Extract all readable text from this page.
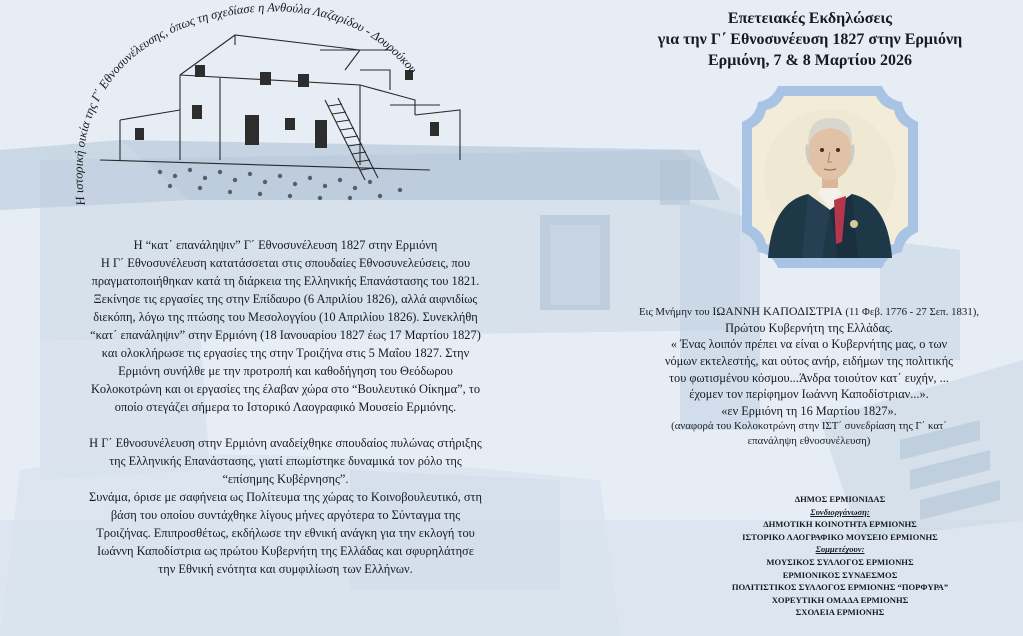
Η ιστορική οικία της Γ΄ Εθνοσυνέλευσης, όπως τη σχεδίασε η Ανθούλα Λαζαρίδου - Δουρούκου

Η “κατ΄ επανάληψιν” Γ΄ Εθνοσυνέλευση 1827 στην Ερμιόνη

Η Γ΄ Εθνοσυνέλευση κατατάσσεται στις σπουδαίες Εθνοσυνελεύσεις, που

πραγματοποιήθηκαν κατά τη διάρκεια της Ελληνικής Επανάστασης του 1821.

Ξεκίνησε τις εργασίες της στην Επίδαυρο (6 Απριλίου 1826), αλλά αιφνιδίως

διεκόπη, λόγω της πτώσης του Μεσολογγίου (10 Απριλίου 1826). Συνεκλήθη

“κατ΄ επανάληψιν” στην Ερμιόνη (18 Ιανουαρίου 1827 έως 17 Μαρτίου 1827)

και ολοκλήρωσε τις εργασίες της στην Τροιζήνα στις 5 Μαΐου 1827. Στην

Ερμιόνη συνήλθε με την προτροπή και καθοδήγηση του Θεόδωρου

Κολοκοτρώνη και οι εργασίες της έλαβαν χώρα στο “Βουλευτικό Οίκημα”, το

οποίο στεγάζει σήμερα το Ιστορικό Λαογραφικό Μουσείο Ερμιόνης.

Η Γ΄ Εθνοσυνέλευση στην Ερμιόνη αναδείχθηκε σπουδαίος πυλώνας στήριξης

της Ελληνικής Επανάστασης, γιατί επωμίστηκε δυναμικά τον ρόλο της

“επίσημης Κυβέρνησης”.

Συνάμα, όρισε με σαφήνεια ως Πολίτευμα της χώρας το Κοινοβουλευτικό, στη

βάση του οποίου συντάχθηκε λίγους μήνες αργότερα το Σύνταγμα της

Τροιζήνας. Επιπροσθέτως, εκδήλωσε την εθνική ανάγκη για την εκλογή του

Ιωάννη Καποδίστρια ως πρώτου Κυβερνήτη της Ελλάδας και σφυρηλάτησε

την Εθνική ενότητα και συμφιλίωση των Ελλήνων.

Επετειακές Εκδηλώσεις
για την Γ΄ Εθνοσυνέευση 1827 στην Ερμιόνη
Ερμιόνη, 7 & 8 Μαρτίου 2026

Εις Μνήμην του ΙΩΑΝΝΗ ΚΑΠΟΔΙΣΤΡΙΑ (11 Φεβ. 1776 - 27 Σεπ. 1831),

Πρώτου Κυβερνήτη της Ελλάδας.

« Ένας λοιπόν πρέπει να είναι ο Κυβερνήτης μας, ο των

νόμων εκτελεστής, και ούτος ανήρ, ειδήμων της πολιτικής

του φωτισμένου κόσμου...Άνδρα τοιούτον κατ΄ ευχήν, ...

έχομεν τον περίφημον Ιωάννη Καποδίστριαν...».

«εν Ερμιόνη τη 16 Μαρτίου 1827».

(αναφορά του Κολοκοτρώνη στην ΙΣΤ΄ συνεδρίαση της Γ΄ κατ΄

επανάληψη εθνοσυνέλευση)

ΔΗΜΟΣ ΕΡΜΙΟΝΙΔΑΣ

Συνδιοργάνωση:

ΔΗΜΟΤΙΚΗ ΚΟΙΝΟΤΗΤΑ ΕΡΜΙΟΝΗΣ

ΙΣΤΟΡΙΚΟ ΛΑΟΓΡΑΦΙΚΟ ΜΟΥΣΕΙΟ ΕΡΜΙΟΝΗΣ

Συμμετέχουν:

ΜΟΥΣΙΚΟΣ ΣΥΛΛΟΓΟΣ ΕΡΜΙΟΝΗΣ

ΕΡΜΙΟΝΙΚΟΣ ΣΥΝΔΕΣΜΟΣ

ΠΟΛΙΤΙΣΤΙΚΟΣ ΣΥΛΛΟΓΟΣ ΕΡΜΙΟΝΗΣ “ΠΟΡΦΥΡΑ”

ΧΟΡΕΥΤΙΚΗ ΟΜΑΔΑ ΕΡΜΙΟΝΗΣ

ΣΧΟΛΕΙΑ ΕΡΜΙΟΝΗΣ
